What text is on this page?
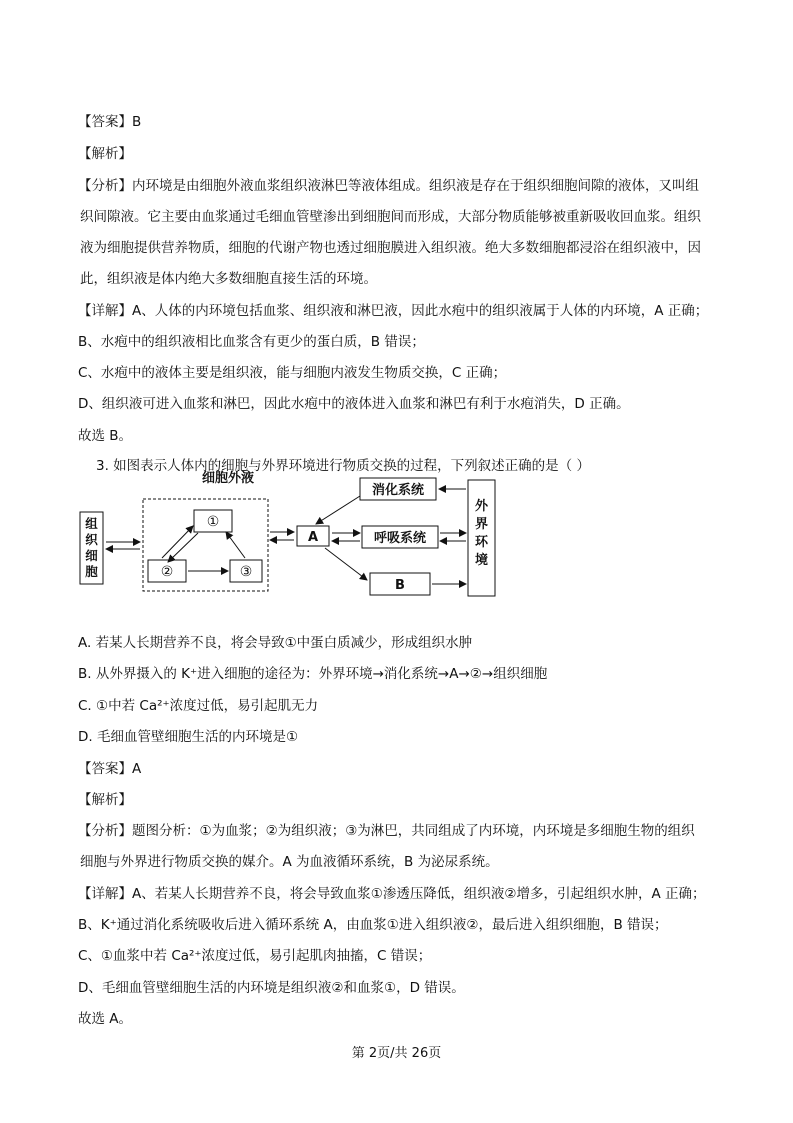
【答案】B
【解析】
【分析】内环境是由细胞外液血浆组织液淋巴等液体组成。组织液是存在于组织细胞间隙的液体，又叫组
织间隙液。它主要由血浆通过毛细血管壁渗出到细胞间而形成，大部分物质能够被重新吸收回血浆。组织
液为细胞提供营养物质，细胞的代谢产物也透过细胞膜进入组织液。绝大多数细胞都浸浴在组织液中，因
此，组织液是体内绝大多数细胞直接生活的环境。
【详解】A、人体的内环境包括血浆、组织液和淋巴液，因此水疱中的组织液属于人体的内环境，A 正确；
B、水疱中的组织液相比血浆含有更少的蛋白质，B 错误；
C、水疱中的液体主要是组织液，能与细胞内液发生物质交换，C 正确；
D、组织液可进入血浆和淋巴，因此水疱中的液体进入血浆和淋巴有利于水疱消失，D 正确。
故选 B。
3. 如图表示人体内的细胞与外界环境进行物质交换的过程，下列叙述正确的是（ ）
细胞外液
组
织
细
胞
①
②	③
A
消化系统
呼吸系统
B
外
界
环
境
A. 若某人长期营养不良，将会导致①中蛋白质减少，形成组织水肿
B. 从外界摄入的 K⁺进入细胞的途径为：外界环境→消化系统→A→②→组织细胞
C. ①中若 Ca²⁺浓度过低，易引起肌无力
D. 毛细血管壁细胞生活的内环境是①
【答案】A
【解析】
【分析】题图分析：①为血浆；②为组织液；③为淋巴，共同组成了内环境，内环境是多细胞生物的组织
细胞与外界进行物质交换的媒介。A 为血液循环系统，B 为泌尿系统。
【详解】A、若某人长期营养不良，将会导致血浆①渗透压降低，组织液②增多，引起组织水肿，A 正确；
B、K⁺通过消化系统吸收后进入循环系统 A，由血浆①进入组织液②，最后进入组织细胞，B 错误；
C、①血浆中若 Ca²⁺浓度过低，易引起肌肉抽搐，C 错误；
D、毛细血管壁细胞生活的内环境是组织液②和血浆①，D 错误。
故选 A。
第 2页/共 26页
